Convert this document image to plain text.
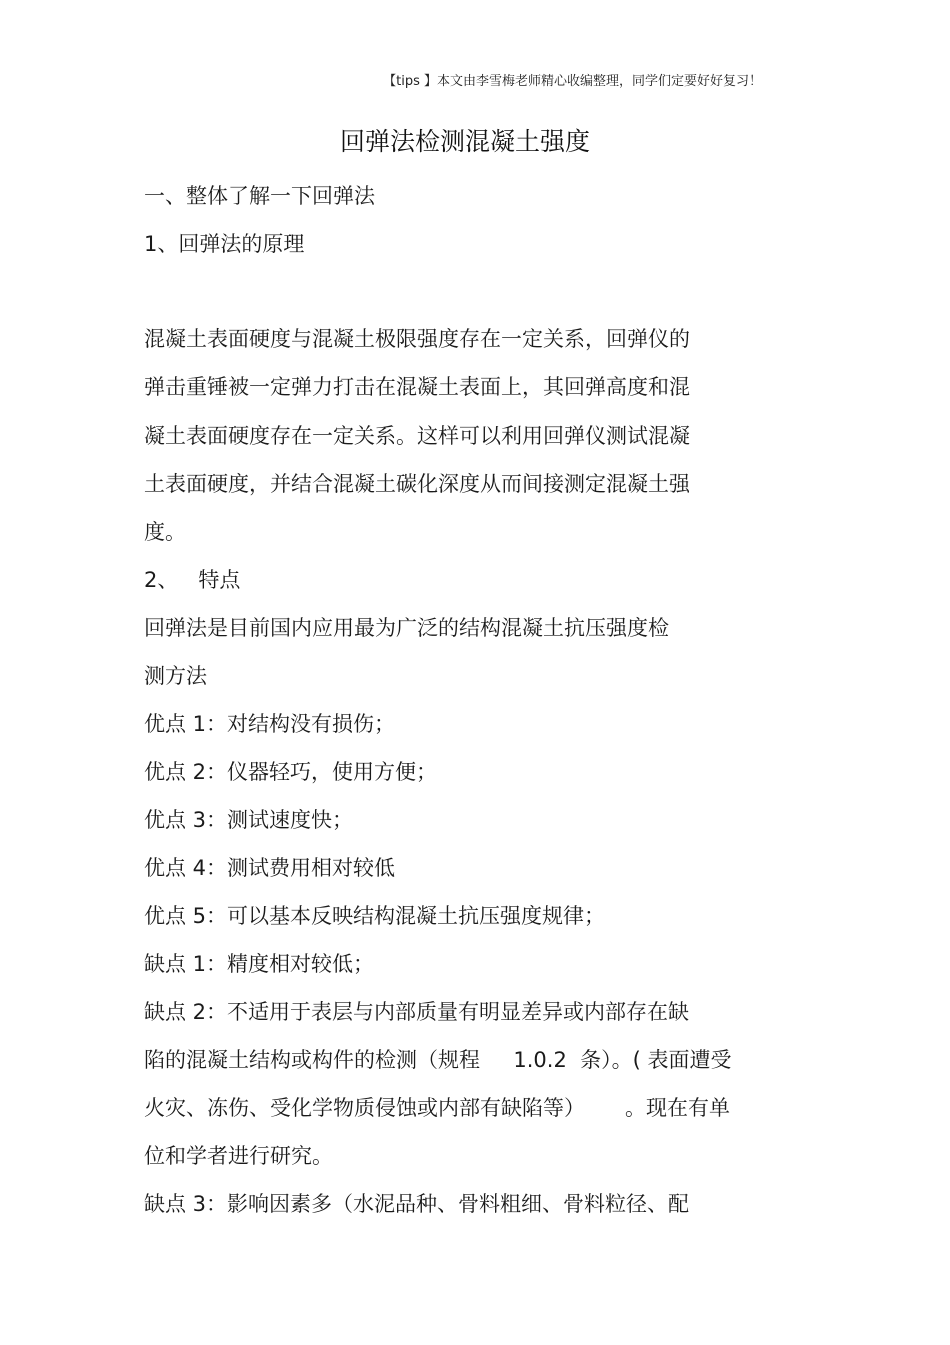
【tips 】本文由李雪梅老师精心收编整理，同学们定要好好复习！
回弹法检测混凝土强度
一、整体了解一下回弹法
1、回弹法的原理
混凝土表面硬度与混凝土极限强度存在一定关系，回弹仪的
弹击重锤被一定弹力打击在混凝土表面上，其回弹高度和混
凝土表面硬度存在一定关系。这样可以利用回弹仪测试混凝
土表面硬度，并结合混凝土碳化深度从而间接测定混凝土强
度。
2、   特点
回弹法是目前国内应用最为广泛的结构混凝土抗压强度检
测方法
优点 1：对结构没有损伤；
优点 2：仪器轻巧，使用方便；
优点 3：测试速度快；
优点 4：测试费用相对较低
优点 5：可以基本反映结构混凝土抗压强度规律；
缺点 1：精度相对较低；
缺点 2：不适用于表层与内部质量有明显差异或内部存在缺
陷的混凝土结构或构件的检测（规程     1.0.2  条）。( 表面遭受
火灾、冻伤、受化学物质侵蚀或内部有缺陷等）      。现在有单
位和学者进行研究。
缺点 3：影响因素多（水泥品种、骨料粗细、骨料粒径、配
